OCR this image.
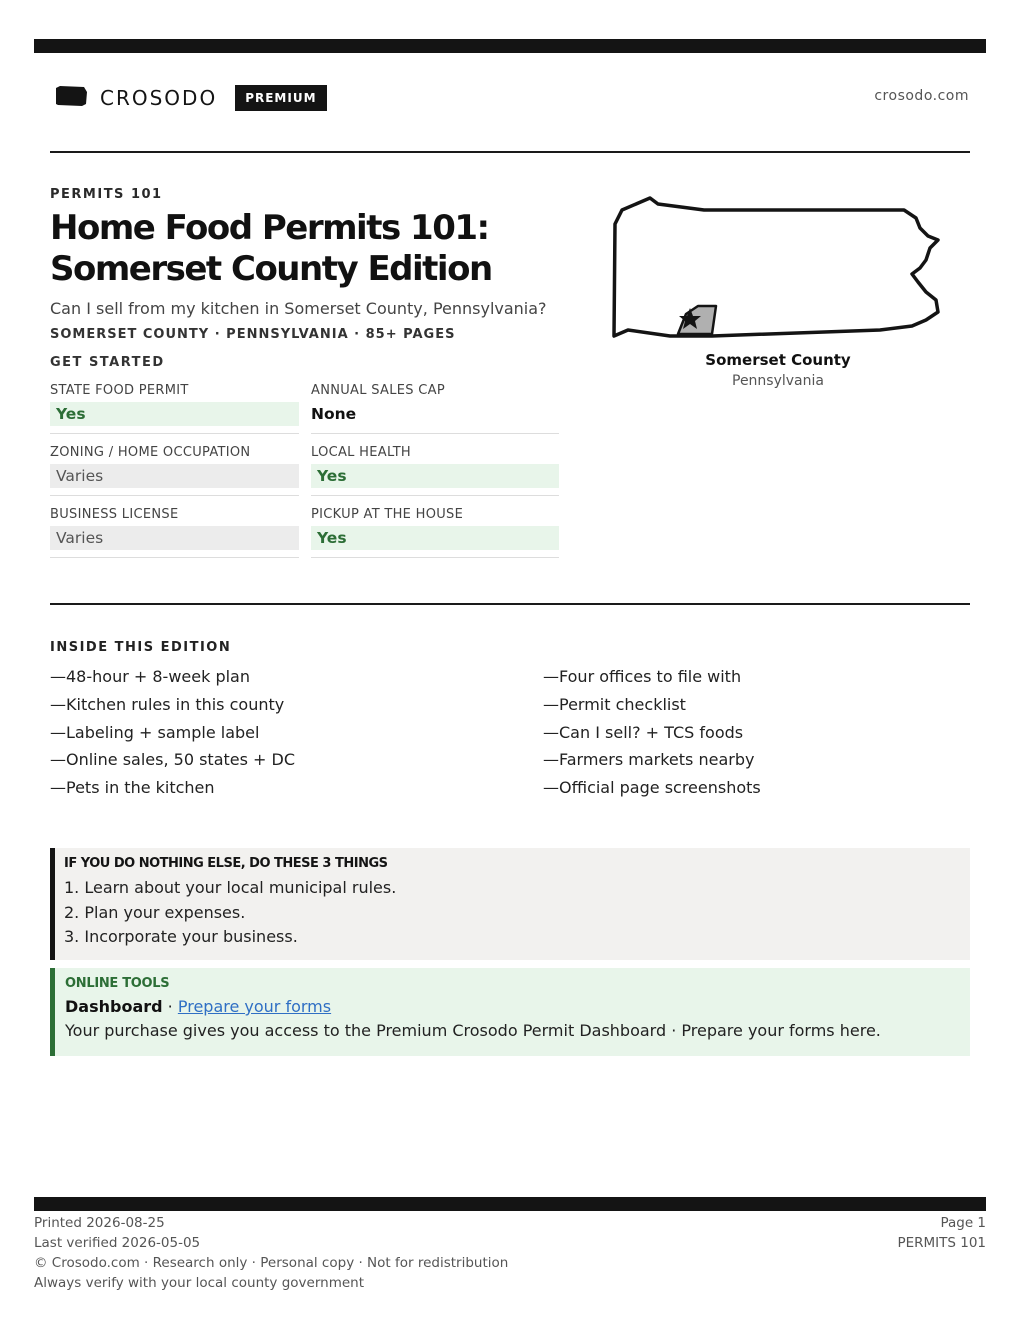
CROSODO	PREMIUM	crosodo.com
PERMITS 101
Home Food Permits 101: Somerset County Edition
Can I sell from my kitchen in Somerset County, Pennsylvania?
SOMERSET COUNTY · PENNSYLVANIA · 85+ PAGES
GET STARTED
STATE FOOD PERMIT
Yes
ANNUAL SALES CAP
None
ZONING / HOME OCCUPATION
Varies
LOCAL HEALTH
Yes
BUSINESS LICENSE
Varies
PICKUP AT THE HOUSE
Yes
Somerset County
Pennsylvania
INSIDE THIS EDITION
—48-hour + 8-week plan
—Kitchen rules in this county
—Labeling + sample label
—Online sales, 50 states + DC
—Pets in the kitchen
—Four offices to file with
—Permit checklist
—Can I sell? + TCS foods
—Farmers markets nearby
—Official page screenshots
IF YOU DO NOTHING ELSE, DO THESE 3 THINGS
1. Learn about your local municipal rules.
2. Plan your expenses.
3. Incorporate your business.
ONLINE TOOLS
Dashboard · Prepare your forms
Your purchase gives you access to the Premium Crosodo Permit Dashboard · Prepare your forms here.
Printed 2026-08-25
Last verified 2026-05-05
© Crosodo.com · Research only · Personal copy · Not for redistribution
Always verify with your local county government
Page 1
PERMITS 101
